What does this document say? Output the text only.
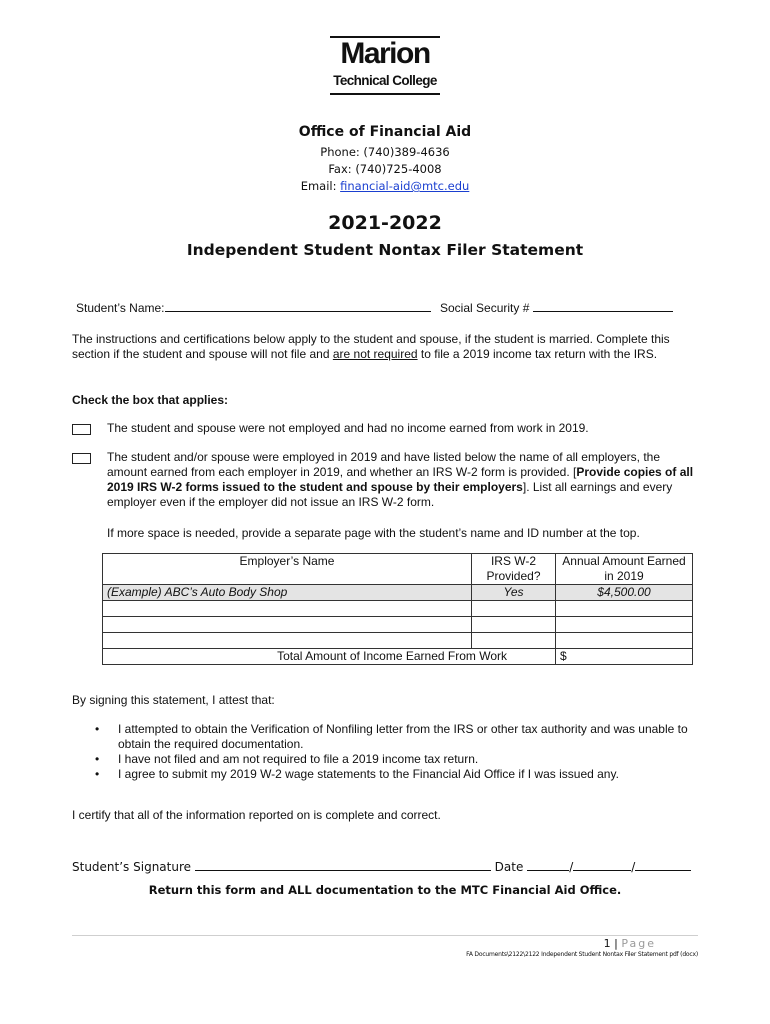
Marion
Technical College
Office of Financial Aid
Phone: (740)389-4636
Fax: (740)725-4008
Email: financial-aid@mtc.edu
2021-2022
Independent Student Nontax Filer Statement
Student’s Name:	Social Security #
The instructions and certifications below apply to the student and spouse, if the student is married. Complete this section if the student and spouse will not file and are not required to file a 2019 income tax return with the IRS.
Check the box that applies:
The student and spouse were not employed and had no income earned from work in 2019.
The student and/or spouse were employed in 2019 and have listed below the name of all employers, the amount earned from each employer in 2019, and whether an IRS W-2 form is provided. [Provide copies of all 2019 IRS W-2 forms issued to the student and spouse by their employers]. List all earnings and every employer even if the employer did not issue an IRS W-2 form.
If more space is needed, provide a separate page with the student’s name and ID number at the top.
Employer’s Name	IRS W-2 Provided?	Annual Amount Earned in 2019
(Example) ABC’s Auto Body Shop	Yes	$4,500.00

Total Amount of Income Earned From Work		$
By signing this statement, I attest that:
• I attempted to obtain the Verification of Nonfiling letter from the IRS or other tax authority and was unable to obtain the required documentation.
• I have not filed and am not required to file a 2019 income tax return.
• I agree to submit my 2019 W-2 wage statements to the Financial Aid Office if I was issued any.
I certify that all of the information reported on is complete and correct.
Student’s Signature	Date	/	/
Return this form and ALL documentation to the MTC Financial Aid Office.
1 | Page
FA Documents\2122\2122 Independent Student Nontax Filer Statement pdf (docx)
